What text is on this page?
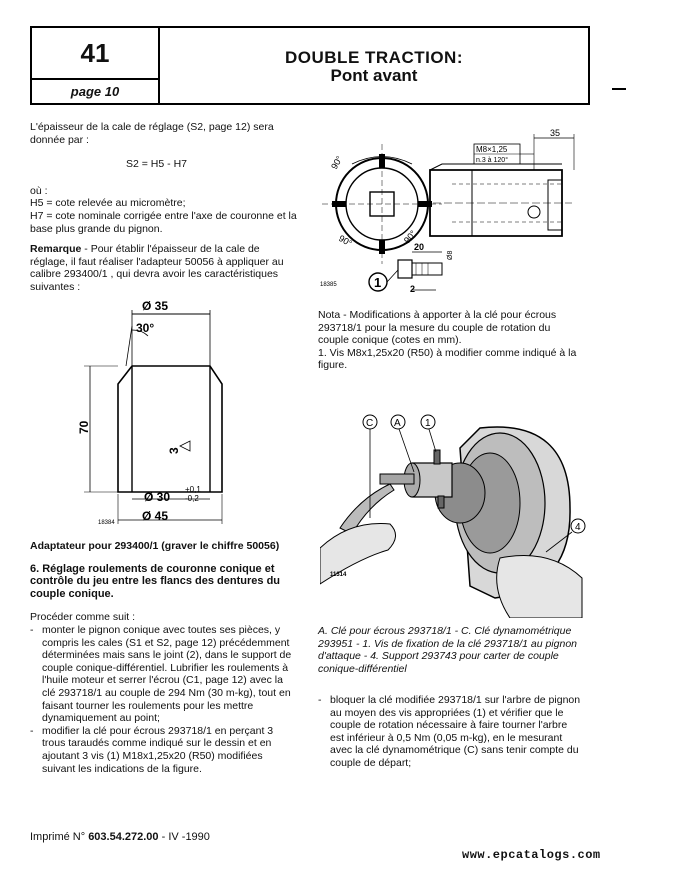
41
page 10
DOUBLE TRACTION:
Pont avant

L'épaisseur de la cale de réglage (S2, page 12) sera donnée par :

S2 = H5 - H7

où :

H5 = cote relevée au micromètre;

H7 = cote nominale corrigée entre l'axe de couronne et la base plus grande du pignon.

Remarque - Pour établir l'épaisseur de la cale de réglage, il faut réaliser l'adapteur 50056 à appliquer au calibre 293400/1 , qui devra avoir les caractéristiques suivantes :

Ø 35
30°
70
3
Ø 30
+0,1
-0,2
Ø 45
18384

Adaptateur pour 293400/1 (graver le chiffre 50056)

6. Réglage roulements de couronne conique et contrôle du jeu entre les flancs des dentures du couple conique.

Procéder comme suit :

- monter le pignon conique avec toutes ses pièces, y compris les cales (S1 et S2, page 12) précédemment déterminées mais sans le joint (2), dans le support de couple conique-différentiel. Lubrifier les roulements à l'huile moteur et serrer l'écrou (C1, page 12) avec la clé 293718/1 au couple de 294 Nm (30 m-kg), tout en faisant tourner les roulements pour les mettre dynamiquement au point;
- modifier la clé pour écrous 293718/1 en perçant 3 trous taraudés comme indiqué sur le dessin et en ajoutant 3 vis (1) M18x1,25x20 (R50) modifiées suivant les indications de la figure.
90°
90°	90°
35
M8×1,25
n.3 à 120°
20
Ø8
2
1
18385

Nota - Modifications à apporter à la clé pour écrous 293718/1 pour la mesure du couple de rotation du couple conique (cotes en mm).

1. Vis M8x1,25x20 (R50) à modifier comme indiqué à la figure.

C A 1
4
11314
A. Clé pour écrous 293718/1 - C. Clé dynamométrique 293951 - 1. Vis de fixation de la clé 293718/1 au pignon d'attaque - 4. Support 293743 pour carter de couple conique-différentiel
- bloquer la clé modifiée 293718/1 sur l'arbre de pignon au moyen des vis appropriées (1) et vérifier que le couple de rotation nécessaire à faire tourner l'arbre est inférieur à 0,5 Nm (0,05 m-kg), en le mesurant avec la clé dynamométrique (C) sans tenir compte du couple de départ;
Imprimé N° 603.54.272.00 - IV -1990
www.epcatalogs.com
